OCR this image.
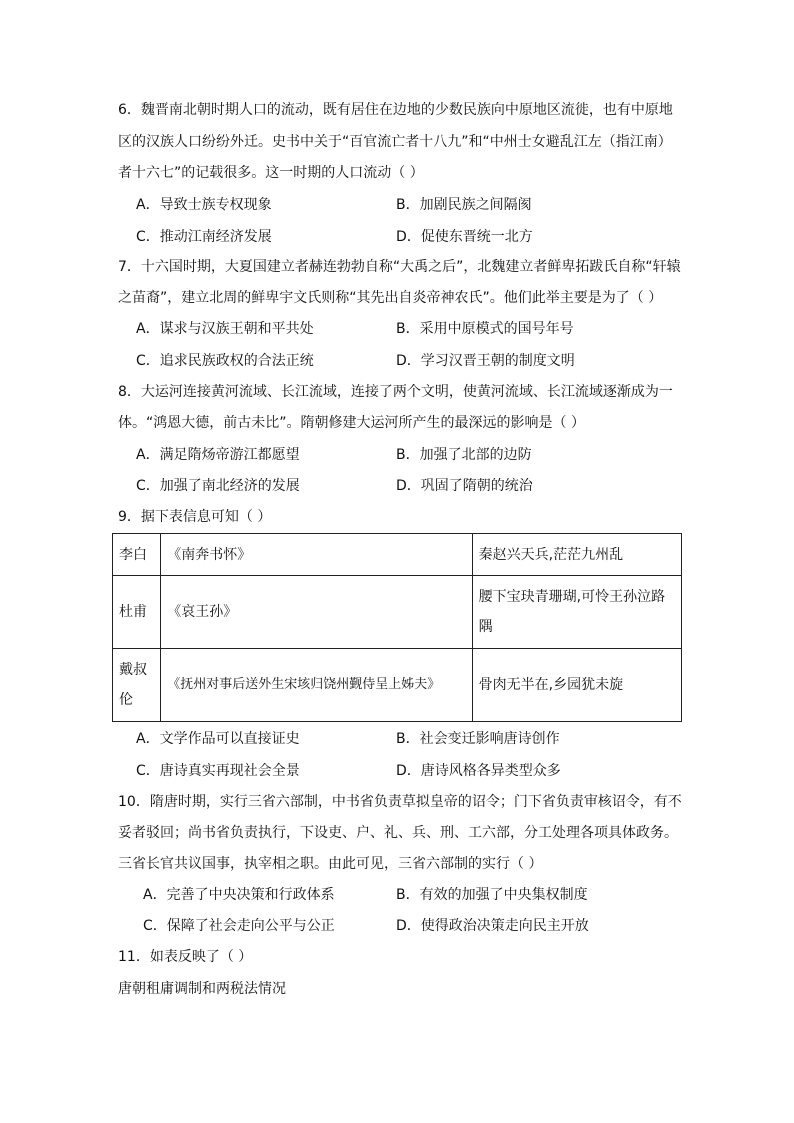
6．魏晋南北朝时期人口的流动，既有居住在边地的少数民族向中原地区流徙，也有中原地
区的汉族人口纷纷外迁。史书中关于“百官流亡者十八九”和“中州士女避乱江左（指江南）
者十六七”的记载很多。这一时期的人口流动（ ）
A．导致士族专权现象	B．加剧民族之间隔阂
C．推动江南经济发展	D．促使东晋统一北方
7．十六国时期，大夏国建立者赫连勃勃自称“大禹之后”，北魏建立者鲜卑拓跋氏自称“轩辕
之苗裔”，建立北周的鲜卑宇文氏则称“其先出自炎帝神农氏”。他们此举主要是为了（ ）
A．谋求与汉族王朝和平共处	B．采用中原模式的国号年号
C．追求民族政权的合法正统	D．学习汉晋王朝的制度文明
8．大运河连接黄河流域、长江流域，连接了两个文明，使黄河流域、长江流域逐渐成为一
体。“鸿恩大德，前古未比”。隋朝修建大运河所产生的最深远的影响是（ ）
A．满足隋炀帝游江都愿望	B．加强了北部的边防
C．加强了南北经济的发展	D．巩固了隋朝的统治
9．据下表信息可知（ ）
李白	《南奔书怀》	秦赵兴天兵,茫茫九州乱
杜甫	《哀王孙》	腰下宝玦青珊瑚,可怜王孙泣路隅
戴叔伦	《抚州对事后送外生宋垓归饶州觐侍呈上姊夫》	骨肉无半在,乡园犹未旋
A．文学作品可以直接证史	B．社会变迁影响唐诗创作
C．唐诗真实再现社会全景	D．唐诗风格各异类型众多
10．隋唐时期，实行三省六部制，中书省负责草拟皇帝的诏令；门下省负责审核诏令，有不
妥者驳回；尚书省负责执行，下设吏、户、礼、兵、刑、工六部，分工处理各项具体政务。
三省长官共议国事，执宰相之职。由此可见，三省六部制的实行（ ）
A．完善了中央决策和行政体系	B．有效的加强了中央集权制度
C．保障了社会走向公平与公正	D．使得政治决策走向民主开放
11．如表反映了（ ）
唐朝租庸调制和两税法情况
